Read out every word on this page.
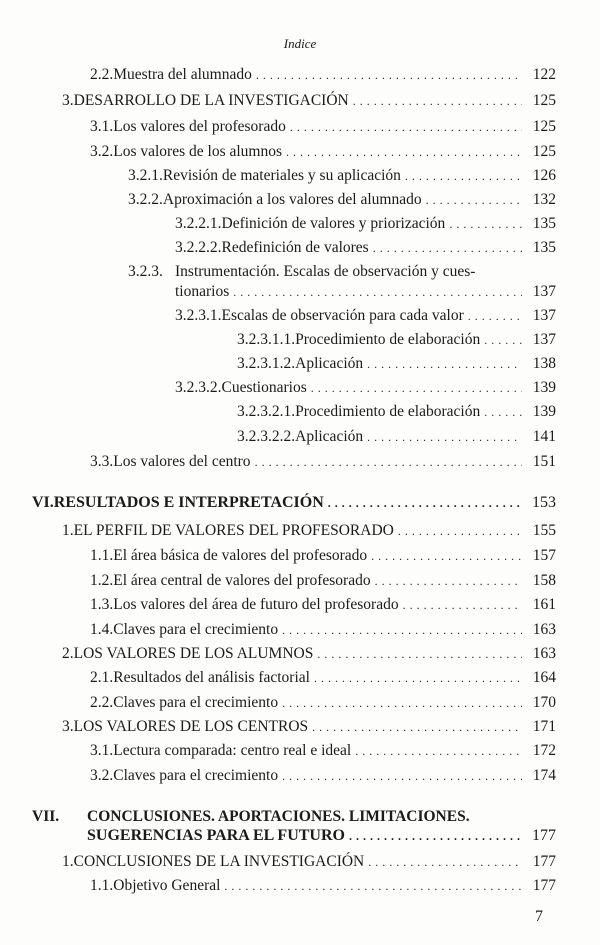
Indice
2.2. Muestra del alumnado . . .	122
3. DESARROLLO DE LA INVESTIGACIÓN . . .	125
3.1. Los valores del profesorado . . .	125
3.2. Los valores de los alumnos . . .	125
3.2.1. Revisión de materiales y su aplicación . . .	126
3.2.2. Aproximación a los valores del alumnado . . .	132
3.2.2.1. Definición de valores y priorización . . .	135
3.2.2.2. Redefinición de valores . . .	135
3.2.3. Instrumentación. Escalas de observación y cues-
tionarios . . .	137
3.2.3.1. Escalas de observación para cada valor . . .	137
3.2.3.1.1. Procedimiento de elaboración . . .	137
3.2.3.1.2. Aplicación . . .	138
3.2.3.2. Cuestionarios . . .	139
3.2.3.2.1. Procedimiento de elaboración . . .	139
3.2.3.2.2. Aplicación . . .	141
3.3. Los valores del centro . . .	151
VI. RESULTADOS E INTERPRETACIÓN . . .	153
1. EL PERFIL DE VALORES DEL PROFESORADO . . .	155
1.1. El área básica de valores del profesorado . . .	157
1.2. El área central de valores del profesorado . . .	158
1.3. Los valores del área de futuro del profesorado . . .	161
1.4. Claves para el crecimiento . . .	163
2. LOS VALORES DE LOS ALUMNOS . . .	163
2.1. Resultados del análisis factorial . . .	164
2.2. Claves para el crecimiento . . .	170
3. LOS VALORES DE LOS CENTROS . . .	171
3.1. Lectura comparada: centro real e ideal . . .	172
3.2. Claves para el crecimiento . . .	174
VII. CONCLUSIONES. APORTACIONES. LIMITACIONES.
SUGERENCIAS PARA EL FUTURO . . .	177
1. CONCLUSIONES DE LA INVESTIGACIÓN . . .	177
1.1. Objetivo General . . .	177
7
